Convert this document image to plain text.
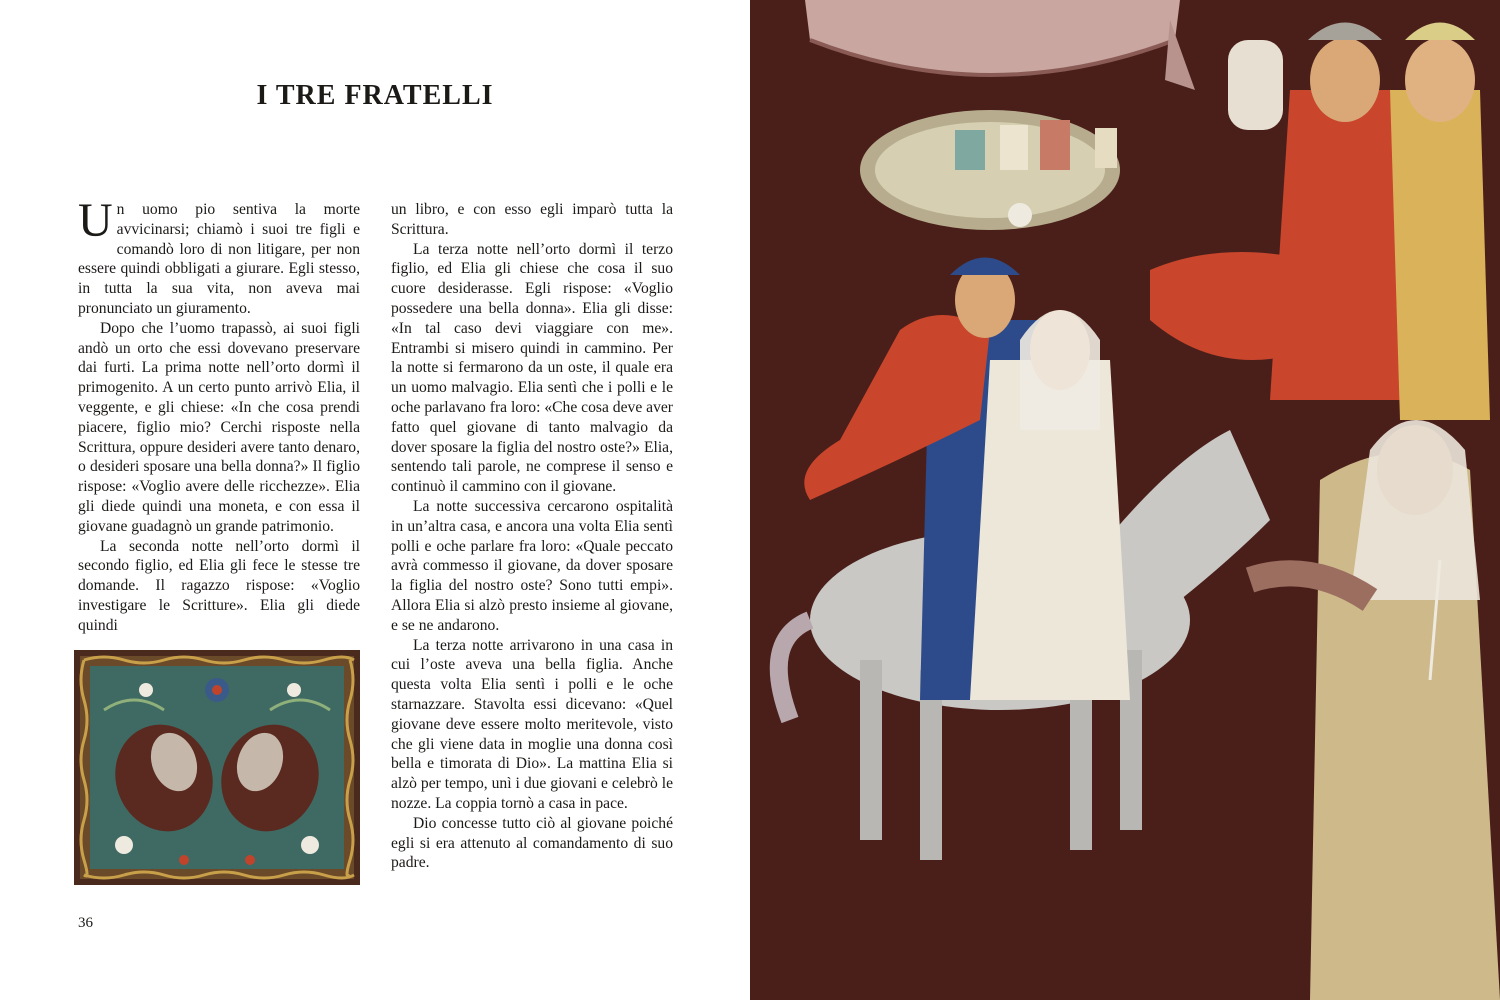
I TRE FRATELLI

Un uomo pio sentiva la morte avvicinarsi; chiamò i suoi tre figli e comandò loro di non litigare, per non essere quindi obbligati a giurare. Egli stesso, in tutta la sua vita, non aveva mai pronunciato un giuramento.

Dopo che l’uomo trapassò, ai suoi figli andò un orto che essi dovevano preservare dai furti. La prima notte nell’orto dormì il primogenito. A un certo punto arrivò Elia, il veggente, e gli chiese: «In che cosa prendi piacere, figlio mio? Cerchi risposte nella Scrittura, oppure desideri avere tanto denaro, o desideri sposare una bella donna?» Il figlio rispose: «Voglio avere delle ricchezze». Elia gli diede quindi una moneta, e con essa il giovane guadagnò un grande patrimonio.

La seconda notte nell’orto dormì il secondo figlio, ed Elia gli fece le stesse tre domande. Il ragazzo rispose: «Voglio investigare le Scritture». Elia gli diede quindi

36

un libro, e con esso egli imparò tutta la Scrittura.

La terza notte nell’orto dormì il terzo figlio, ed Elia gli chiese che cosa il suo cuore desiderasse. Egli rispose: «Voglio possedere una bella donna». Elia gli disse: «In tal caso devi viaggiare con me». Entrambi si misero quindi in cammino. Per la notte si fermarono da un oste, il quale era un uomo malvagio. Elia sentì che i polli e le oche parlavano fra loro: «Che cosa deve aver fatto quel giovane di tanto malvagio da dover sposare la figlia del nostro oste?» Elia, sentendo tali parole, ne comprese il senso e continuò il cammino con il giovane.

La notte successiva cercarono ospitalità in un’altra casa, e ancora una volta Elia sentì polli e oche parlare fra loro: «Quale peccato avrà commesso il giovane, da dover sposare la figlia del nostro oste? Sono tutti empi». Allora Elia si alzò presto insieme al giovane, e se ne andarono.

La terza notte arrivarono in una casa in cui l’oste aveva una bella figlia. Anche questa volta Elia sentì i polli e le oche starnazzare. Stavolta essi dicevano: «Quel giovane deve essere molto meritevole, visto che gli viene data in moglie una donna così bella e timorata di Dio». La mattina Elia si alzò per tempo, unì i due giovani e celebrò le nozze. La coppia tornò a casa in pace.

Dio concesse tutto ciò al giovane poiché egli si era attenuto al comandamento di suo padre.
